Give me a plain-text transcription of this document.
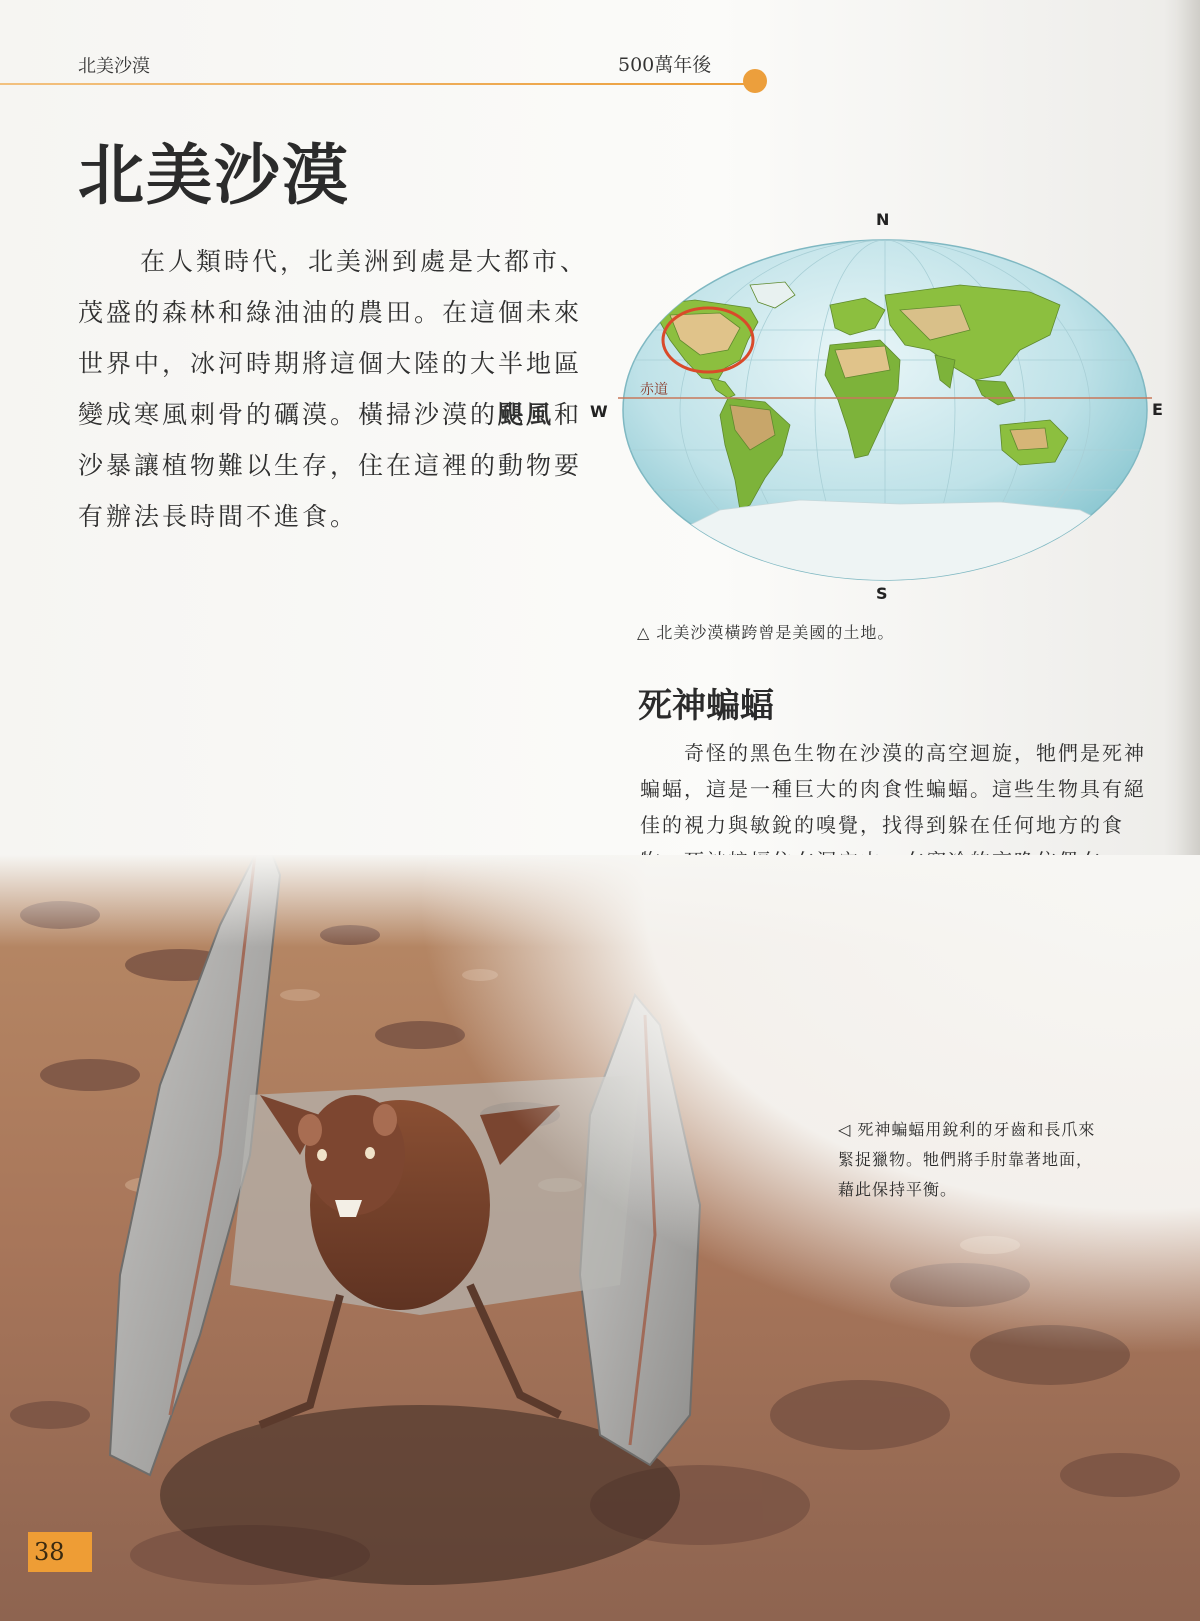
北美沙漠	500萬年後
北美沙漠
在人類時代，北美洲到處是大都市、茂盛的森林和綠油油的農田。在這個未來世界中，冰河時期將這個大陸的大半地區變成寒風刺骨的礪漠。橫掃沙漠的颶風和沙暴讓植物難以生存，住在這裡的動物要有辦法長時間不進食。
N
S
W	E
赤道
△ 北美沙漠橫跨曾是美國的土地。
死神蝙蝠
奇怪的黑色生物在沙漠的高空迴旋，牠們是死神蝙蝠，這是一種巨大的肉食性蝙蝠。這些生物具有絕佳的視力與敏銳的嗅覺，找得到躲在任何地方的食
◁ 死神蝙蝠用銳利的牙齒和長爪來
緊捉獵物。牠們將手肘靠著地面，
藉此保持平衡。
38
